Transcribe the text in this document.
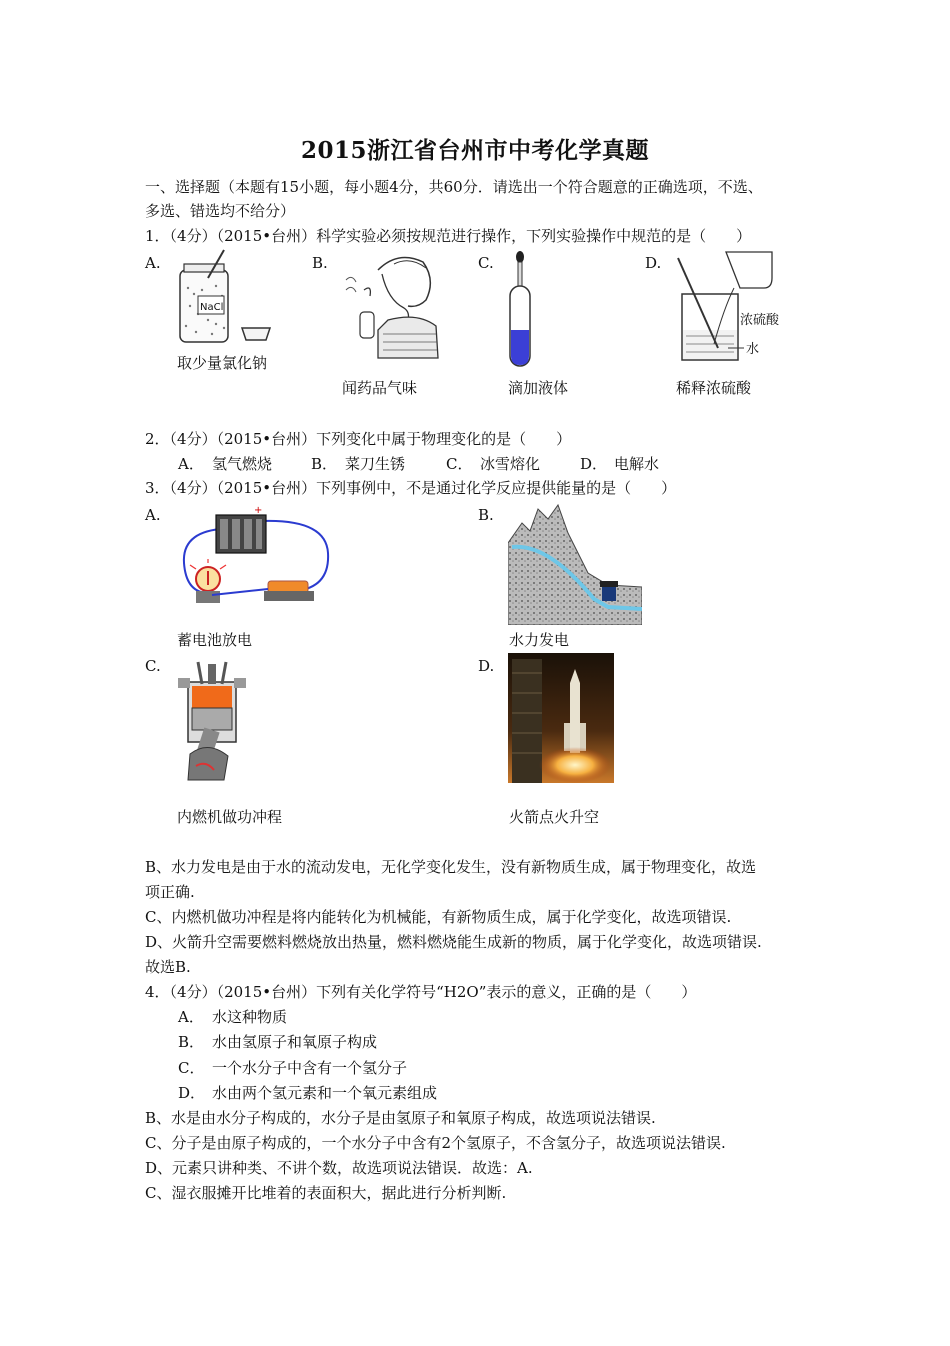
2015浙江省台州市中考化学真题
一、选择题（本题有15小题，每小题4分，共60分．请选出一个符合题意的正确选项，不选、
多选、错选均不给分）
1．（4分）（2015•台州）科学实验必须按规范进行操作，下列实验操作中规范的是（　　）
A.
NaCl
取少量氯化钠
B.
闻药品气味
C.
滴加液体
D.
浓硫酸
水
稀释浓硫酸
2．（4分）（2015•台州）下列变化中属于物理变化的是（　　）
A． 氢气燃烧	B． 菜刀生锈	C． 冰雪熔化	D． 电解水
3．（4分）（2015•台州）下列事例中，不是通过化学反应提供能量的是（　　）
A.	+
蓄电池放电
B.
水力发电
C.
内燃机做功冲程
D.
火箭点火升空
B、水力发电是由于水的流动发电，无化学变化发生，没有新物质生成，属于物理变化，故选
项正确.
C、内燃机做功冲程是将内能转化为机械能，有新物质生成，属于化学变化，故选项错误.
D、火箭升空需要燃料燃烧放出热量，燃料燃烧能生成新的物质，属于化学变化，故选项错误.
故选B.
4．（4分）（2015•台州）下列有关化学符号“H2O”表示的意义，正确的是（　　）
A． 水这种物质
B． 水由氢原子和氧原子构成
C． 一个水分子中含有一个氢分子
D． 水由两个氢元素和一个氧元素组成
B、水是由水分子构成的，水分子是由氢原子和氧原子构成，故选项说法错误.
C、分子是由原子构成的，一个水分子中含有2个氢原子，不含氢分子，故选项说法错误.
D、元素只讲种类、不讲个数，故选项说法错误．故选：A.
C、湿衣服摊开比堆着的表面积大，据此进行分析判断.
